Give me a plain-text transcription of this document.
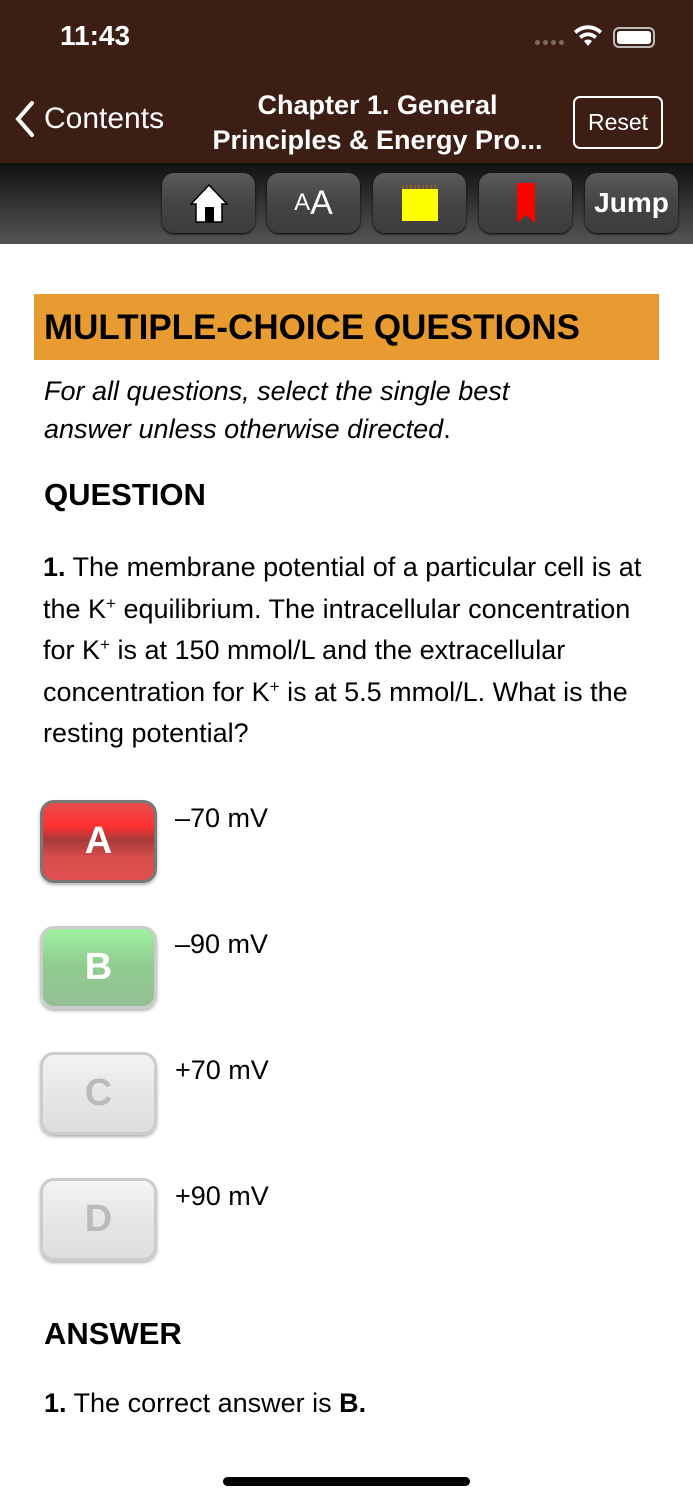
11:43
Contents	Chapter 1. General
Principles & Energy Pro...
Reset
A A	Jump
MULTIPLE-CHOICE QUESTIONS
For all questions, select the single best
answer unless otherwise directed.
QUESTION
1. The membrane potential of a particular cell is at the K+ equilibrium. The intracellular concentration for K+ is at 150 mmol/L and the extracellular concentration for K+ is at 5.5 mmol/L. What is the resting potential?
A
–70 mV
B
–90 mV
C
+70 mV
D
+90 mV
ANSWER
1. The correct answer is B.
